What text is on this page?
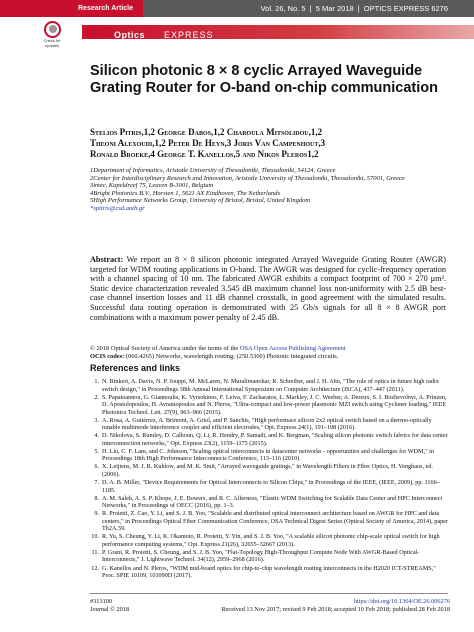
Research Article	Vol. 26, No. 5 | 5 Mar 2018 | OPTICS EXPRESS 6276
Check for
updates
Optics EXPRESS
Silicon photonic 8 × 8 cyclic Arrayed Waveguide Grating Router for O-band on-chip communication
Stelios Pitris,1,2 George Dabos,1,2 Charoula Mitsolidou,1,2
Theoni Alexoudi,1,2 Peter De Heyn,3 Joris Van Campenhout,3
Ronald Broeke,4 George T. Kanellos,5 and Nikos Pleros1,2

1Department of Informatics, Aristotle University of Thessaloniki, Thessaloniki, 54124, Greece

2Center for Interdisciplinary Research and Innovation, Aristotle University of Thessaloniki, Thessaloniki, 57001, Greece

3imec, Kapeldreef 75, Leuven B-3001, Belgium

4Bright Photonics B.V., Horsten 1, 5621 AX Eindhoven, The Netherlands

5High Performance Networks Group, University of Bristol, Bristol, United Kingdom

*spitris@csd.auth.gr

Abstract: We report an 8 × 8 silicon photonic integrated Arrayed Waveguide Grating Router (AWGR) targeted for WDM routing applications in O-band. The AWGR was designed for cyclic-frequency operation with a channel spacing of 10 nm. The fabricated AWGR exhibits a compact footprint of 700 × 270 μm². Static device characterization revealed 3.545 dB maximum channel loss non-uniformity with 2.5 dB best-case channel insertion losses and 11 dB channel crosstalk, in good agreement with the simulated results. Successful data routing operation is demonstrated with 25 Gb/s signals for all 8 × 8 AWGR port combinations with a maximum power penalty of 2.45 dB.
© 2018 Optical Society of America under the terms of the OSA Open Access Publishing Agreement
OCIS codes: (060.4265) Networks, wavelength routing; (250.5300) Photonic integrated circuits.
References and links
1. N. Binkert, A. Davis, N. P. Jouppi, M. McLaren, N. Muralimanohar, R. Schreiber, and J. H. Ahn, "The role of optics in future high radix switch design," in Proceedings 38th Annual International Symposium on Computer Architecture (ISCA), 437–447 (2011).
2. S. Papaioannou, G. Giannoulis, K. Vyrsokinos, F. Leiva, F. Zacharatos, L. Markley, J. C. Weeber, A. Dereux, S. I. Bozhevolnyi, A. Prinzen, D. Apostolopoulos, H. Avramopoulos and N. Pleros, "Ultra-compact and low-power plasmonic MZI switch using Cycloner loading," IEEE Photonics Technol. Lett. 27(9), 963–966 (2015).
3. A. Rosa, A. Gutiérrez, A. Brimont, A. Griol, and P. Sanchis, "High performace silicon 2x2 optical switch based on a thermo-optically tunable multimode interference coupler and efficient electrodes," Opt. Express 24(1), 191–198 (2016).
4. D. Nikolova, S. Rumley, D. Calhoun, Q. Li, R. Hendry, P. Samadi, and K. Bergman, "Scaling silicon photonic switch fabrics for data center interconnection networks," Opt. Express 23(2), 1159–1175 (2015).
5. H. Liu, C. F. Lam, and C. Johnson, "Scaling optical interconnects in datacenter networks - opportunities and challenges for WDM," in Proceedings 18th High Performance Interconnects Conference, 113–116 (2010).
6. X. Leijtens, M. J. R. Kuhlow, and M. K. Smit, "Arrayed waveguide gratings," in Wavelength Filters in Fiber Optics, H. Venghaus, ed. (2006).
7. D. A. B. Miller, "Device Requirements for Optical Interconnects to Silicon Chips," in Proceedings of the IEEE, (IEEE, 2009), pp. 1166–1185.
8. A. M. Saleh, A. S. P. Khope, J. E. Bowers, and R. C. Alferness, "Elastic WDM Switching for Scalable Data Center and HPC Interconnect Networks," in Proceedings of OECC (2016), pp. 1–3.
9. R. Proietti, Z. Cao, Y. Li, and S. J. B. Yoo, "Scalable and distributed optical interconnect architecture based on AWGR for HPC and data centers," in Proceedings Optical Fiber Communication Conference, OSA Technical Digest Series (Optical Society of America, 2014), paper Th2A.59.
10. R. Yu, S. Cheung, Y. Li, K. Okamoto, R. Proietti, Y. Yin, and S. J. B. Yoo, "A scalable silicon photonic chip-scale optical switch for high performance computing systems," Opt. Express 21(26), 32655–32667 (2013).
11. P. Grani, R. Proietti, S. Cheung, and S. J. B. Yoo, "Flat-Topology High-Throughput Compute Node With AWGR-Based Optical-Interconnects," J. Lightwave Technol. 34(12), 2959–2968 (2016).
12. G. Kanellos and N. Pleros, "WDM mid-board optics for chip-to-chip wavelength routing interconnects in the H2020 ICT-STREAMS," Proc. SPIE 10109, 101090D (2017).
#313100	https://doi.org/10.1364/OE.26.006276
Journal © 2018	Received 13 Nov 2017; revised 9 Feb 2018; accepted 10 Feb 2018; published 28 Feb 2018
